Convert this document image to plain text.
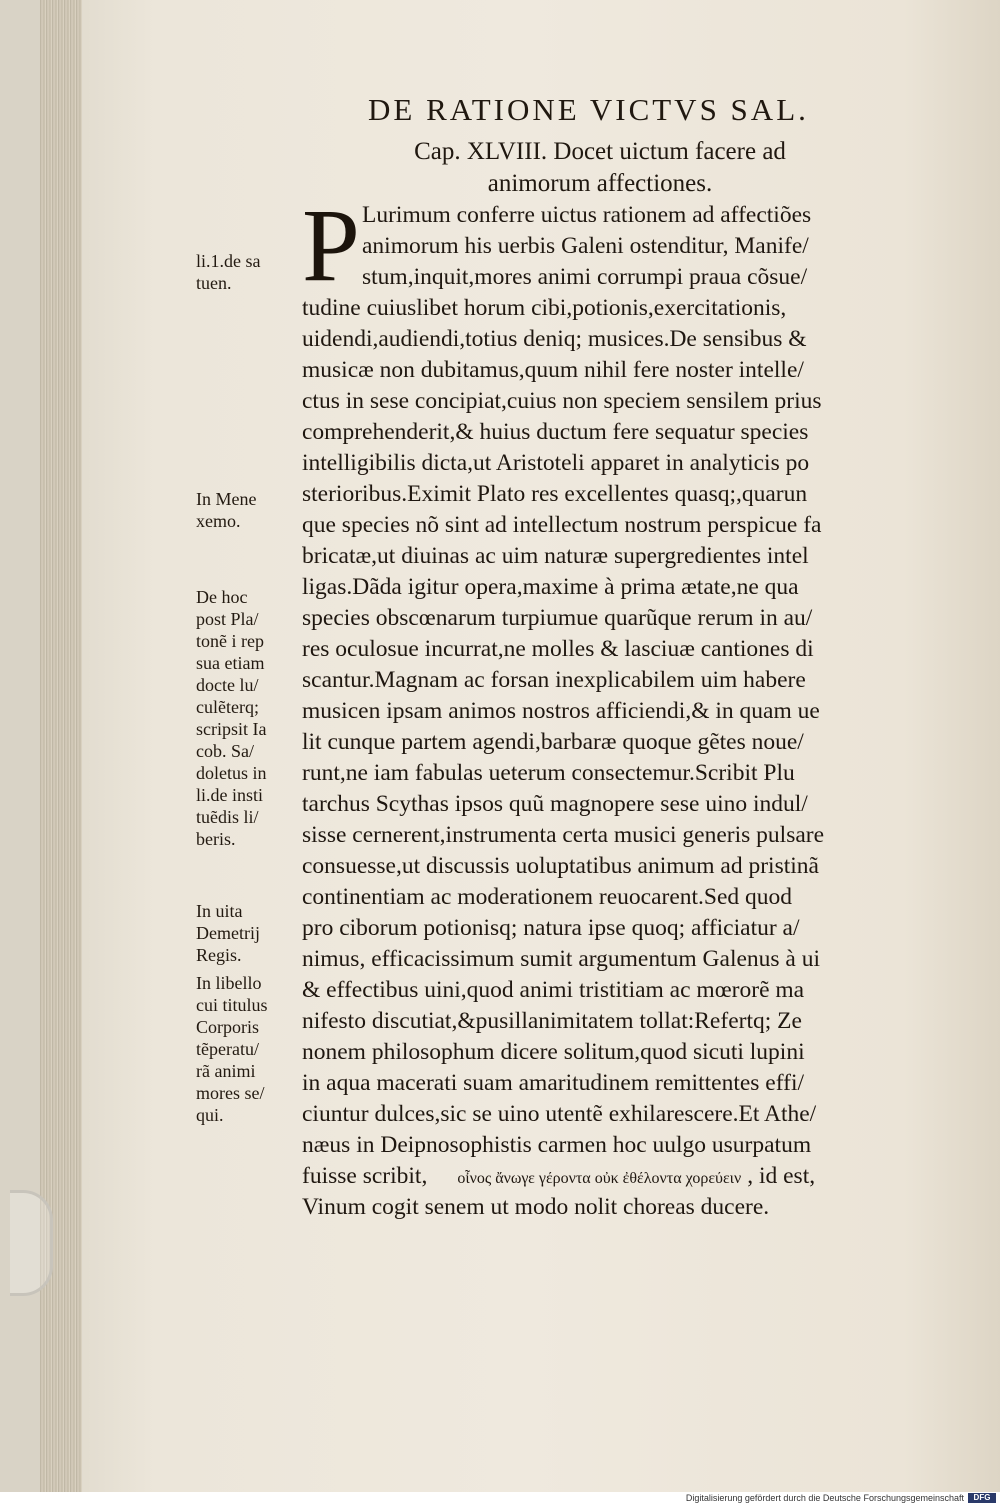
DE RATIONE VICTVS SAL.
Cap. XLVIII. Docet uictum facere ad
animorum affectiones.
P Lurimum conferre uictus rationem ad affectiões
animorum his uerbis Galeni ostenditur, Manife/
stum,inquit,mores animi corrumpi praua cõsue/
tudine cuiuslibet horum cibi,potionis,exercitationis,
uidendi,audiendi,totius deniq; musices.De sensibus &
musicæ non dubitamus,quum nihil fere noster intelle/
ctus in sese concipiat,cuius non speciem sensilem prius
comprehenderit,& huius ductum fere sequatur species
intelligibilis dicta,ut Aristoteli apparet in analyticis po
sterioribus.Eximit Plato res excellentes quasq;,quarun
que species nõ sint ad intellectum nostrum perspicue fa
bricatæ,ut diuinas ac uim naturæ supergredientes intel
ligas.Dãda igitur opera,maxime à prima ætate,ne qua
species obscœnarum turpiumue quarũque rerum in au/
res oculosue incurrat,ne molles & lasciuæ cantiones di
scantur.Magnam ac forsan inexplicabilem uim habere
musicen ipsam animos nostros afficiendi,& in quam ue
lit cunque partem agendi,barbaræ quoque gẽtes noue/
runt,ne iam fabulas ueterum consectemur.Scribit Plu
tarchus Scythas ipsos quũ magnopere sese uino indul/
sisse cernerent,instrumenta certa musici generis pulsare
consuesse,ut discussis uoluptatibus animum ad pristinã
continentiam ac moderationem reuocarent.Sed quod
pro ciborum potionisq; natura ipse quoq; afficiatur a/
nimus, efficacissimum sumit argumentum Galenus à ui
& effectibus uini,quod animi tristitiam ac mœrorẽ ma
nifesto discutiat,&pusillanimitatem tollat:Refertq; Ze
nonem philosophum dicere solitum,quod sicuti lupini
in aqua macerati suam amaritudinem remittentes effi/
ciuntur dulces,sic se uino utentẽ exhilarescere.Et Athe/
næus in Deipnosophistis carmen hoc uulgo usurpatum
fuisse scribit, οἶνος ἄνωγε γέροντα οὐκ ἐθέλοντα χορεύειν , id est,
Vinum cogit senem ut modo nolit choreas ducere.
li.1.de sa
tuen.
In Mene
xemo.
De hoc
post Pla/
tonẽ i rep
sua etiam
docte lu/
culẽterq;
scripsit Ia
cob. Sa/
doletus in
li.de insti
tuẽdis li/
beris.
In uita
Demetrij
Regis.
In libello
cui titulus
Corporis
tẽperatu/
rã animi
mores se/
qui.
Digitalisierung gefördert durch die Deutsche Forschungsgemeinschaft	DFG
